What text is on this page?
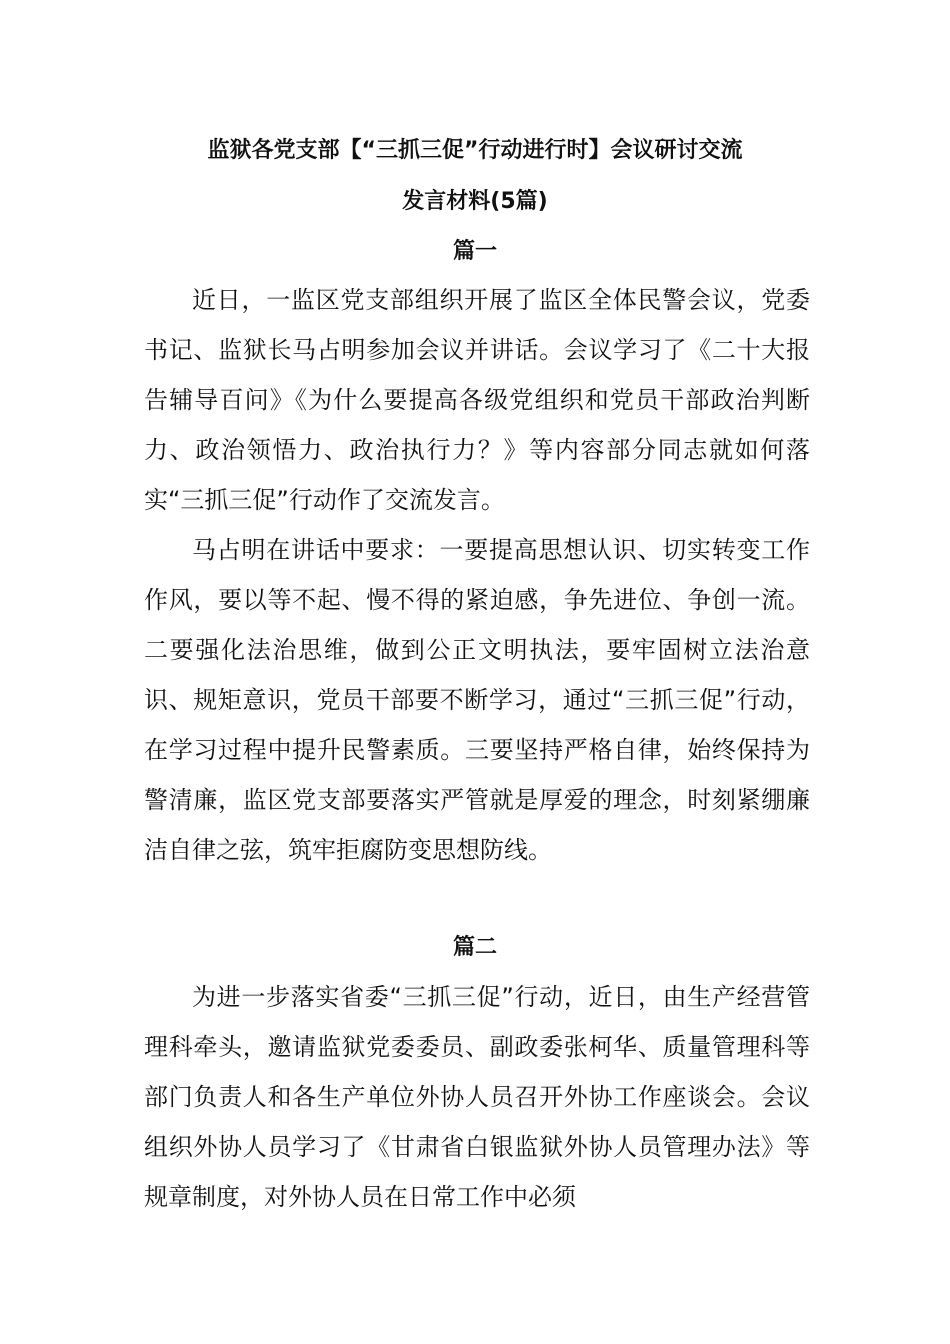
监狱各党支部【“三抓三促”行动进行时】会议研讨交流
发言材料(5篇)
篇一

近日，一监区党支部组织开展了监区全体民警会议，党委书记、监狱长马占明参加会议并讲话。会议学习了《二十大报告辅导百问》《为什么要提高各级党组织和党员干部政治判断力、政治领悟力、政治执行力？》等内容部分同志就如何落实“三抓三促”行动作了交流发言。

马占明在讲话中要求：一要提高思想认识、切实转变工作作风，要以等不起、慢不得的紧迫感，争先进位、争创一流。二要强化法治思维，做到公正文明执法，要牢固树立法治意识、规矩意识，党员干部要不断学习，通过“三抓三促”行动，在学习过程中提升民警素质。三要坚持严格自律，始终保持为警清廉，监区党支部要落实严管就是厚爱的理念，时刻紧绷廉洁自律之弦，筑牢拒腐防变思想防线。

篇二

为进一步落实省委“三抓三促”行动，近日，由生产经营管理科牵头，邀请监狱党委委员、副政委张柯华、质量管理科等部门负责人和各生产单位外协人员召开外协工作座谈会。会议组织外协人员学习了《甘肃省白银监狱外协人员管理办法》等规章制度，对外协人员在日常工作中必须
